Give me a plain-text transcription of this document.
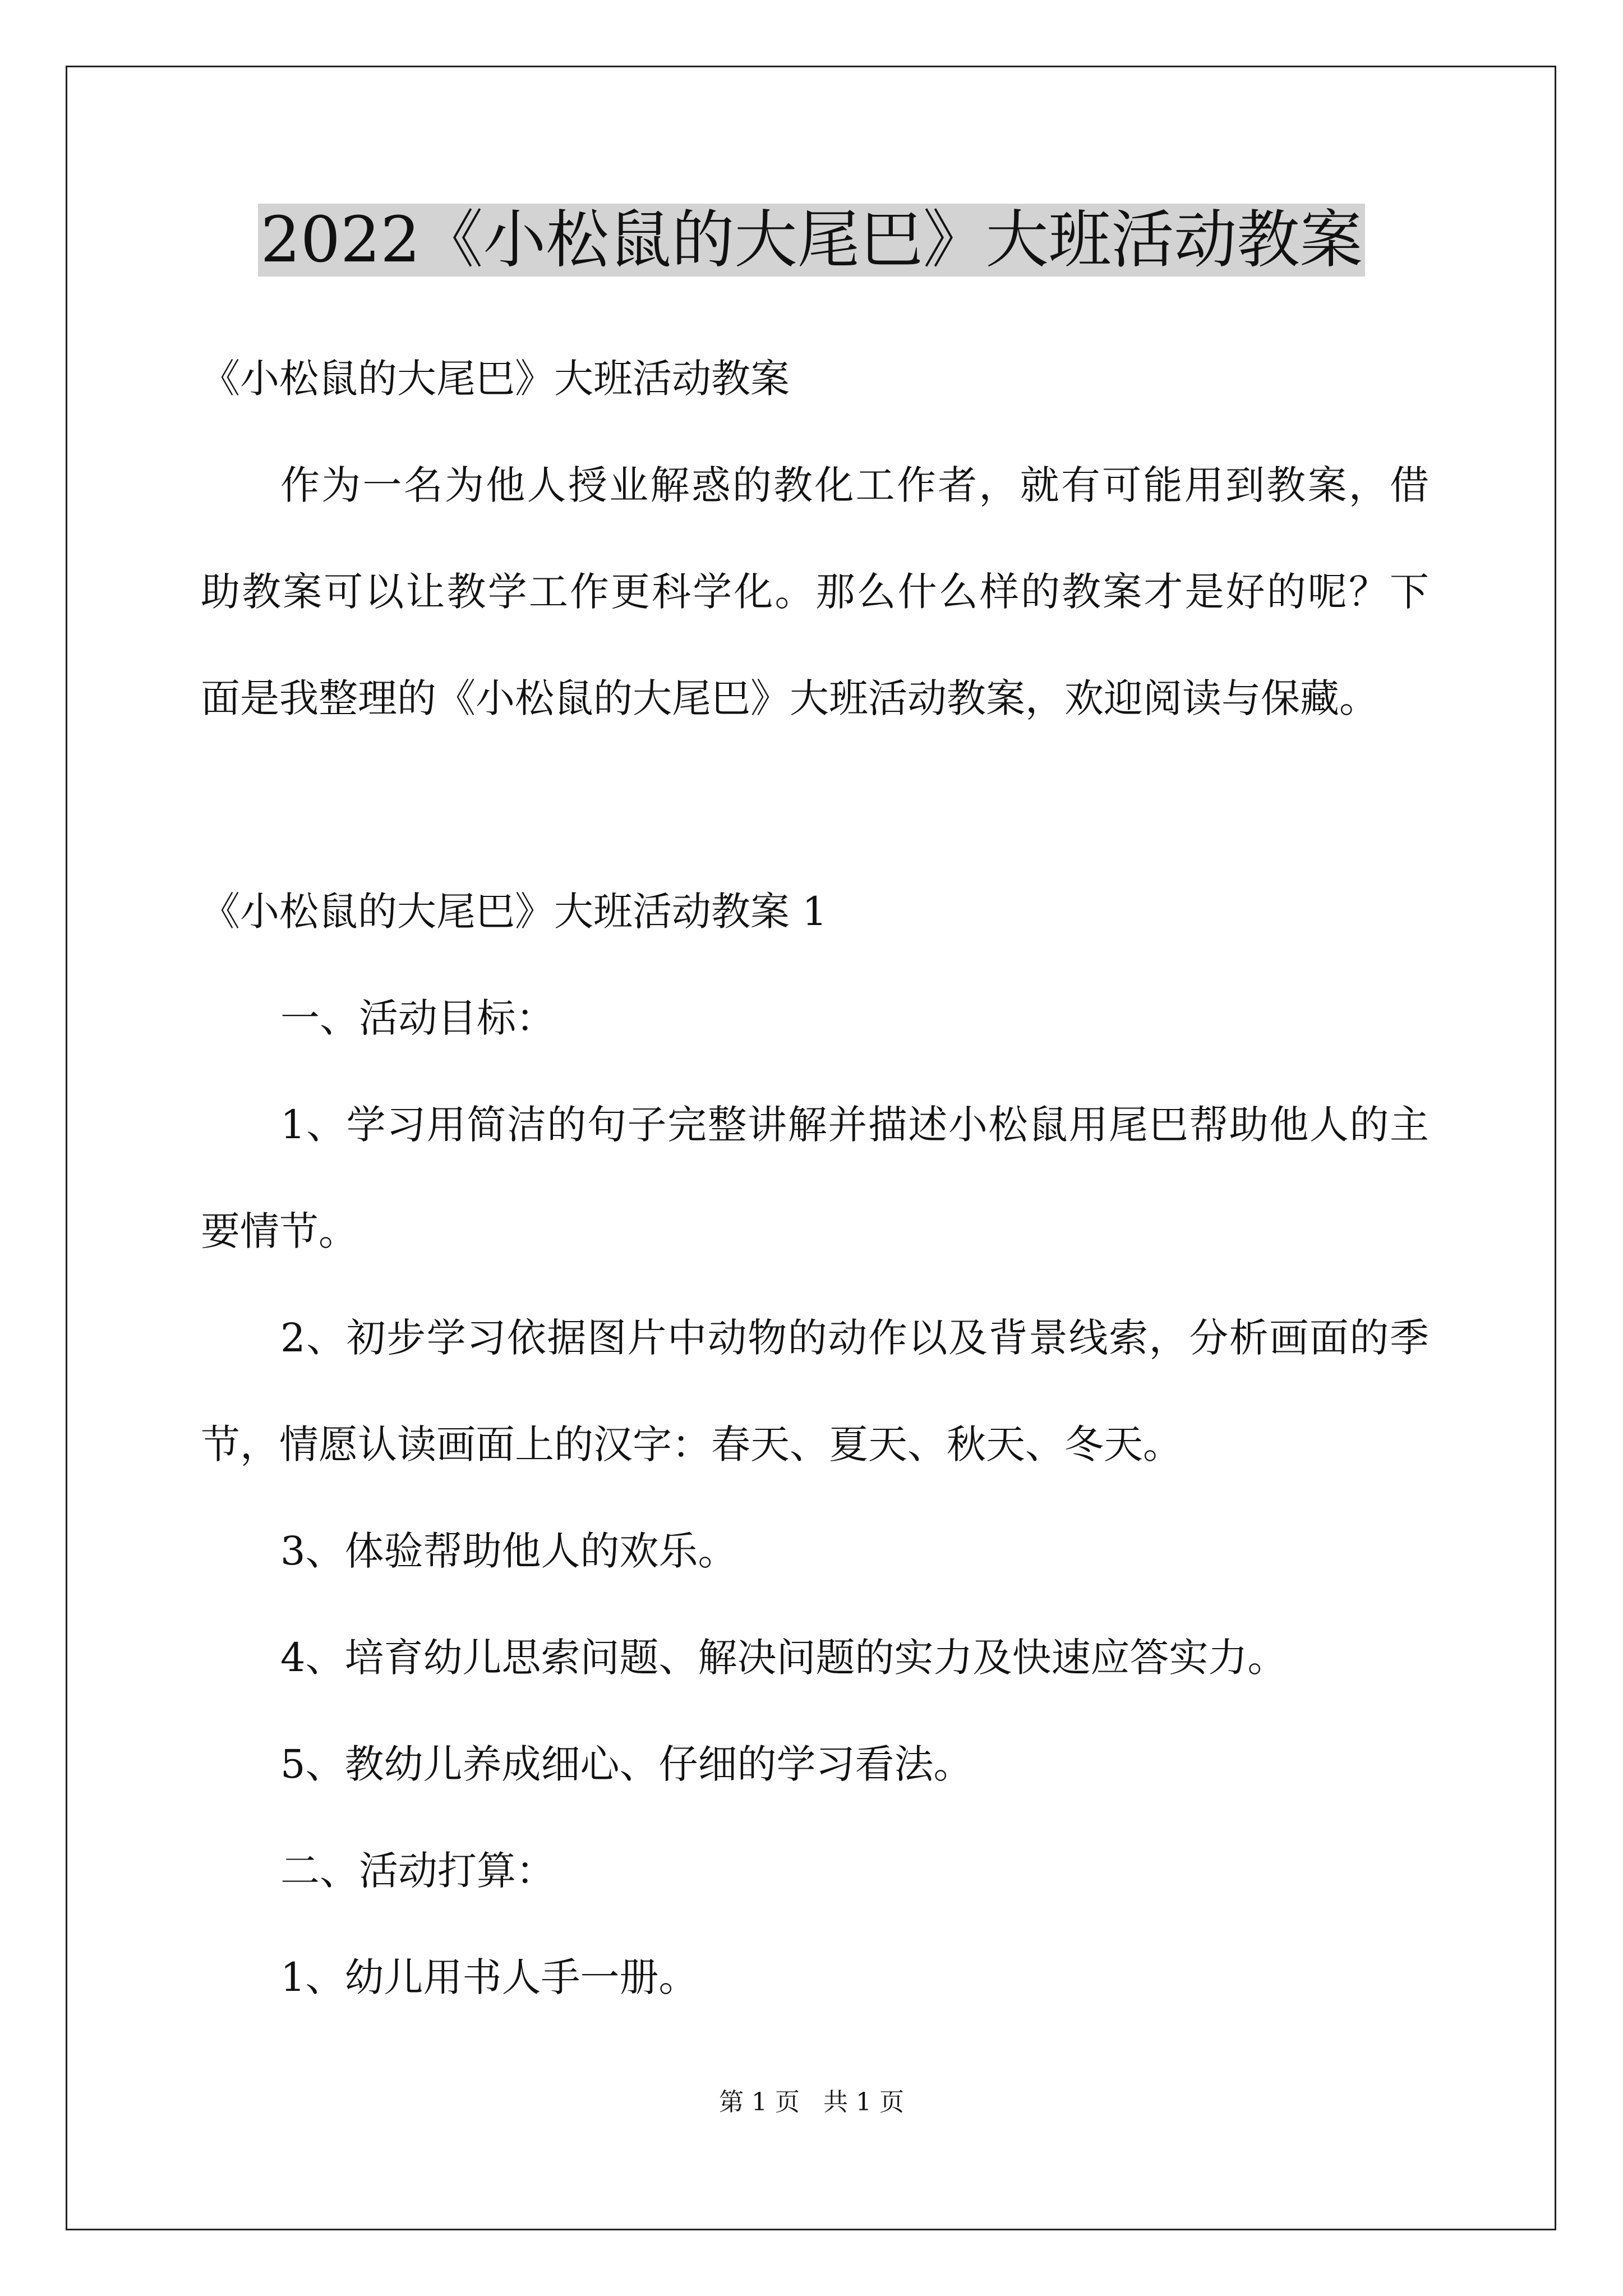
2022《小松鼠的大尾巴》大班活动教案
《小松鼠的大尾巴》大班活动教案
作为一名为他人授业解惑的教化工作者，就有可能用到教案，借
助教案可以让教学工作更科学化。那么什么样的教案才是好的呢？下
面是我整理的《小松鼠的大尾巴》大班活动教案，欢迎阅读与保藏。
《小松鼠的大尾巴》大班活动教案 1
一、活动目标：
1、学习用简洁的句子完整讲解并描述小松鼠用尾巴帮助他人的主
要情节。
2、初步学习依据图片中动物的动作以及背景线索，分析画面的季
节，情愿认读画面上的汉字：春天、夏天、秋天、冬天。
3、体验帮助他人的欢乐。
4、培育幼儿思索问题、解决问题的实力及快速应答实力。
5、教幼儿养成细心、仔细的学习看法。
二、活动打算：
1、幼儿用书人手一册。
第 1 页   共 1 页
